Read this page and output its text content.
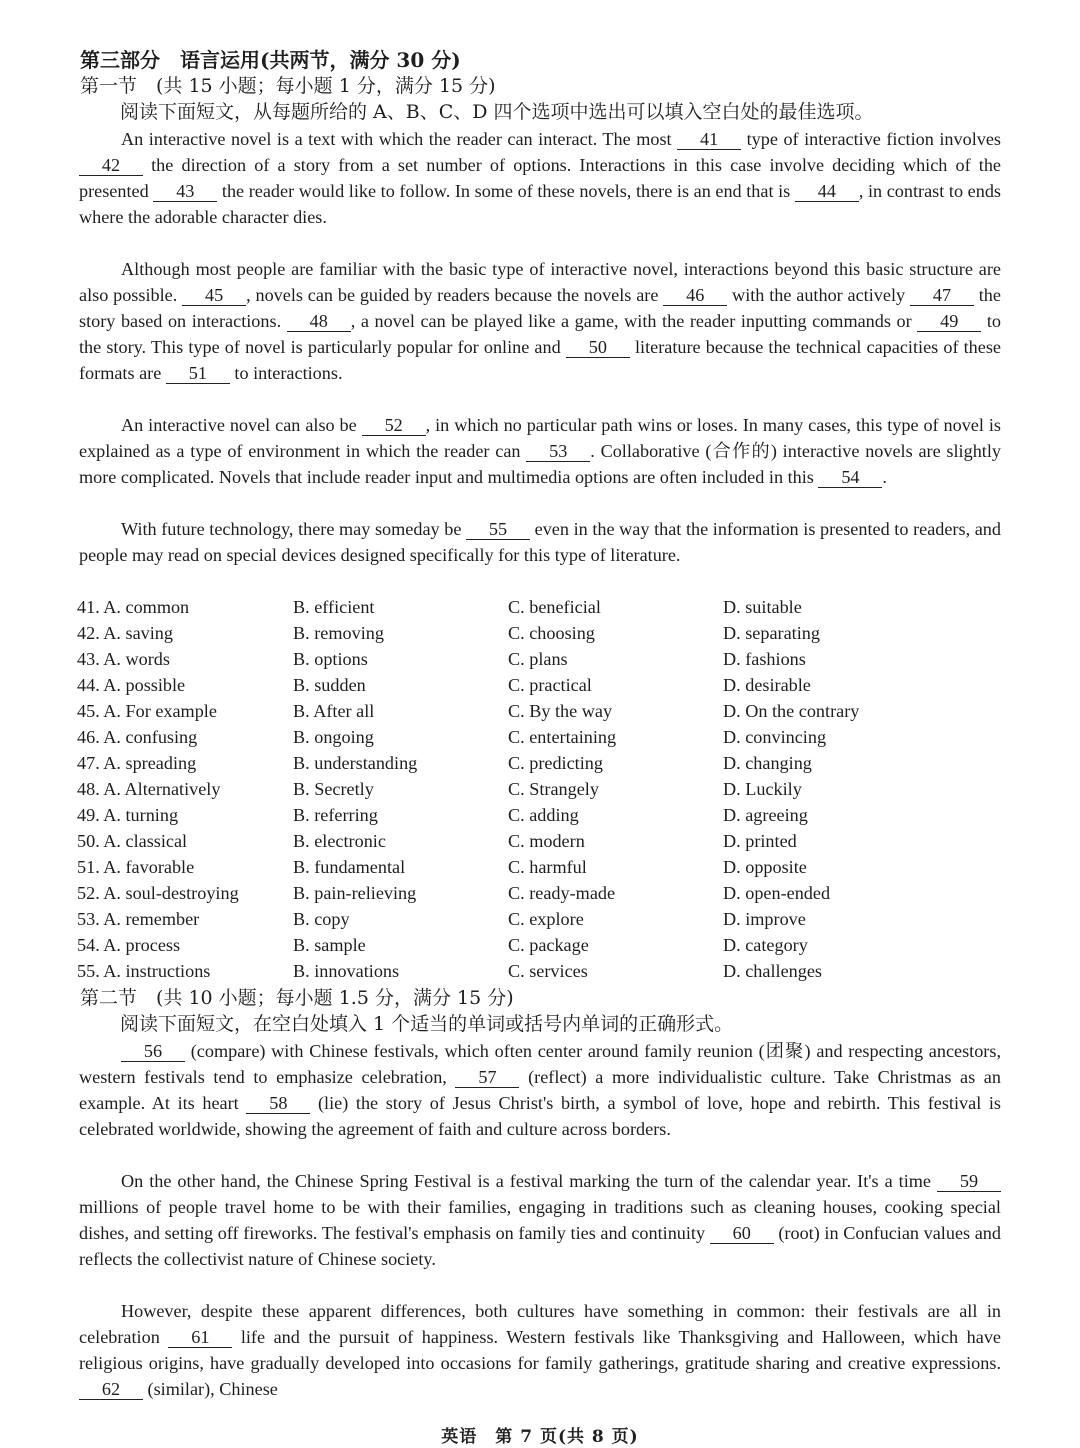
第三部分　语言运用(共两节，满分 30 分)
第一节　(共 15 小题；每小题 1 分，满分 15 分)
阅读下面短文，从每题所给的 A、B、C、D 四个选项中选出可以填入空白处的最佳选项。
An interactive novel is a text with which the reader can interact. The most 41 type of interactive fiction involves 42 the direction of a story from a set number of options. Interactions in this case involve deciding which of the presented 43 the reader would like to follow. In some of these novels, there is an end that is 44 , in contrast to ends where the adorable character dies.
Although most people are familiar with the basic type of interactive novel, interactions beyond this basic structure are also possible. 45 , novels can be guided by readers because the novels are 46 with the author actively 47 the story based on interactions. 48 , a novel can be played like a game, with the reader inputting commands or 49 to the story. This type of novel is particularly popular for online and 50 literature because the technical capacities of these formats are 51 to interactions.
An interactive novel can also be 52 , in which no particular path wins or loses. In many cases, this type of novel is explained as a type of environment in which the reader can 53 . Collaborative (合作的) interactive novels are slightly more complicated. Novels that include reader input and multimedia options are often included in this 54 .
With future technology, there may someday be 55 even in the way that the information is presented to readers, and people may read on special devices designed specifically for this type of literature.
41. A. common	B. efficient	C. beneficial	D. suitable
42. A. saving	B. removing	C. choosing	D. separating
43. A. words	B. options	C. plans	D. fashions
44. A. possible	B. sudden	C. practical	D. desirable
45. A. For example	B. After all	C. By the way	D. On the contrary
46. A. confusing	B. ongoing	C. entertaining	D. convincing
47. A. spreading	B. understanding	C. predicting	D. changing
48. A. Alternatively	B. Secretly	C. Strangely	D. Luckily
49. A. turning	B. referring	C. adding	D. agreeing
50. A. classical	B. electronic	C. modern	D. printed
51. A. favorable	B. fundamental	C. harmful	D. opposite
52. A. soul-destroying	B. pain-relieving	C. ready-made	D. open-ended
53. A. remember	B. copy	C. explore	D. improve
54. A. process	B. sample	C. package	D. category
55. A. instructions	B. innovations	C. services	D. challenges
第二节　(共 10 小题；每小题 1.5 分，满分 15 分)
阅读下面短文，在空白处填入 1 个适当的单词或括号内单词的正确形式。
56 (compare) with Chinese festivals, which often center around family reunion (团聚) and respecting ancestors, western festivals tend to emphasize celebration, 57 (reflect) a more individualistic culture. Take Christmas as an example. At its heart 58 (lie) the story of Jesus Christ's birth, a symbol of love, hope and rebirth. This festival is celebrated worldwide, showing the agreement of faith and culture across borders.
On the other hand, the Chinese Spring Festival is a festival marking the turn of the calendar year. It's a time 59 millions of people travel home to be with their families, engaging in traditions such as cleaning houses, cooking special dishes, and setting off fireworks. The festival's emphasis on family ties and continuity 60 (root) in Confucian values and reflects the collectivist nature of Chinese society.
However, despite these apparent differences, both cultures have something in common: their festivals are all in celebration 61 life and the pursuit of happiness. Western festivals like Thanksgiving and Halloween, which have religious origins, have gradually developed into occasions for family gatherings, gratitude sharing and creative expressions. 62 (similar), Chinese
英语　第 7 页(共 8 页)
